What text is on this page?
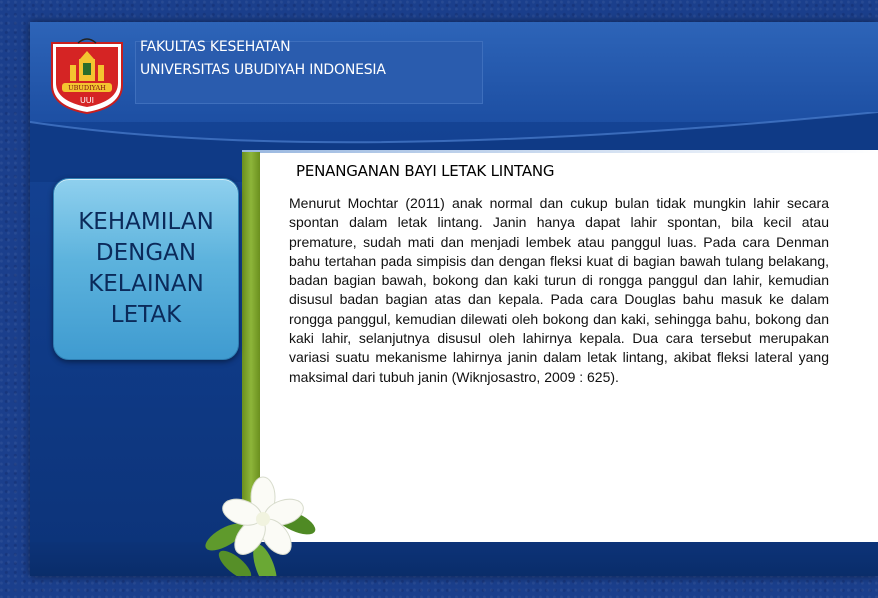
UBUDIYAH
UUI
FAKULTAS KESEHATAN
UNIVERSITAS UBUDIYAH INDONESIA
PENANGANAN BAYI LETAK LINTANG
Menurut Mochtar (2011) anak normal dan cukup bulan tidak mungkin lahir secara spontan dalam letak lintang. Janin hanya dapat lahir spontan, bila kecil atau premature, sudah mati dan menjadi lembek atau panggul luas. Pada cara Denman bahu tertahan pada simpisis dan dengan fleksi kuat di bagian bawah tulang belakang, badan bagian bawah, bokong dan kaki turun di rongga panggul dan lahir, kemudian disusul badan bagian atas dan kepala. Pada cara Douglas bahu masuk ke dalam rongga panggul, kemudian dilewati oleh bokong dan kaki, sehingga bahu, bokong dan kaki lahir, selanjutnya disusul oleh lahirnya kepala. Dua cara tersebut merupakan variasi suatu mekanisme lahirnya janin dalam letak lintang, akibat fleksi lateral yang maksimal dari tubuh janin (Wiknjosastro, 2009 : 625).
KEHAMILAN DENGAN KELAINAN LETAK
